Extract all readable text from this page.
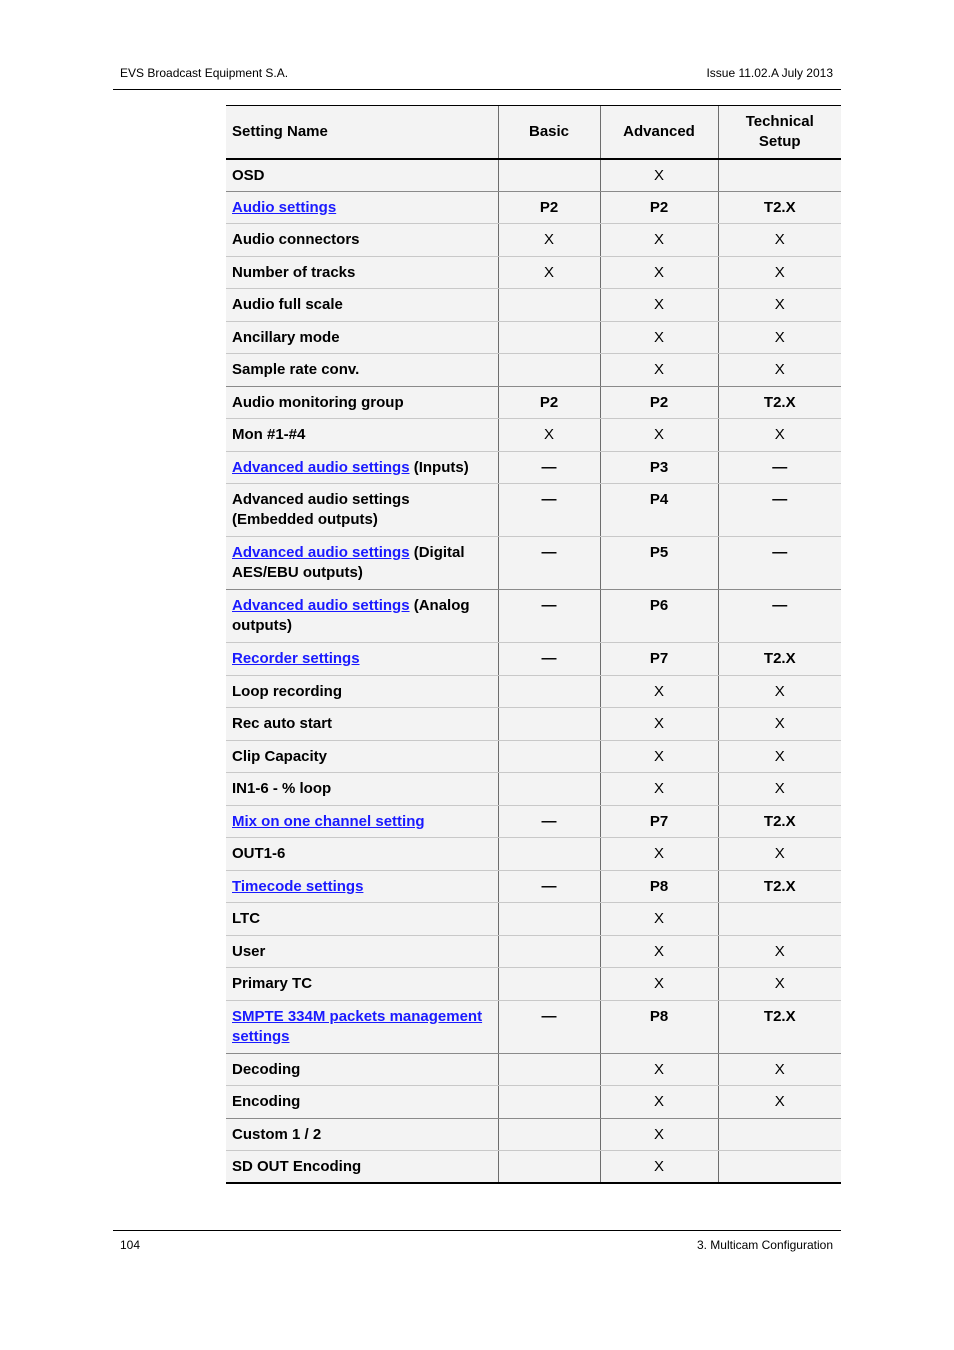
EVS Broadcast Equipment S.A.	Issue 11.02.A July 2013
Setting Name	Basic	Advanced	Technical Setup
OSD		X	
Audio settings	P2	P2	T2.X
Audio connectors	X	X	X
Number of tracks	X	X	X
Audio full scale		X	X
Ancillary mode		X	X
Sample rate conv.		X	X
Audio monitoring group	P2	P2	T2.X
Mon #1-#4	X	X	X
Advanced audio settings (Inputs)	—	P3	—
Advanced audio settings (Embedded outputs)	—	P4	—
Advanced audio settings (Digital AES/EBU outputs)	—	P5	—
Advanced audio settings (Analog outputs)	—	P6	—
Recorder settings	—	P7	T2.X
Loop recording		X	X
Rec auto start		X	X
Clip Capacity		X	X
IN1-6 - % loop		X	X
Mix on one channel setting	—	P7	T2.X
OUT1-6		X	X
Timecode settings	—	P8	T2.X
LTC		X	
User		X	X
Primary TC		X	X
SMPTE 334M packets management settings	—	P8	T2.X
Decoding		X	X
Encoding		X	X
Custom 1 / 2		X	
SD OUT Encoding		X	
104	3. Multicam Configuration
